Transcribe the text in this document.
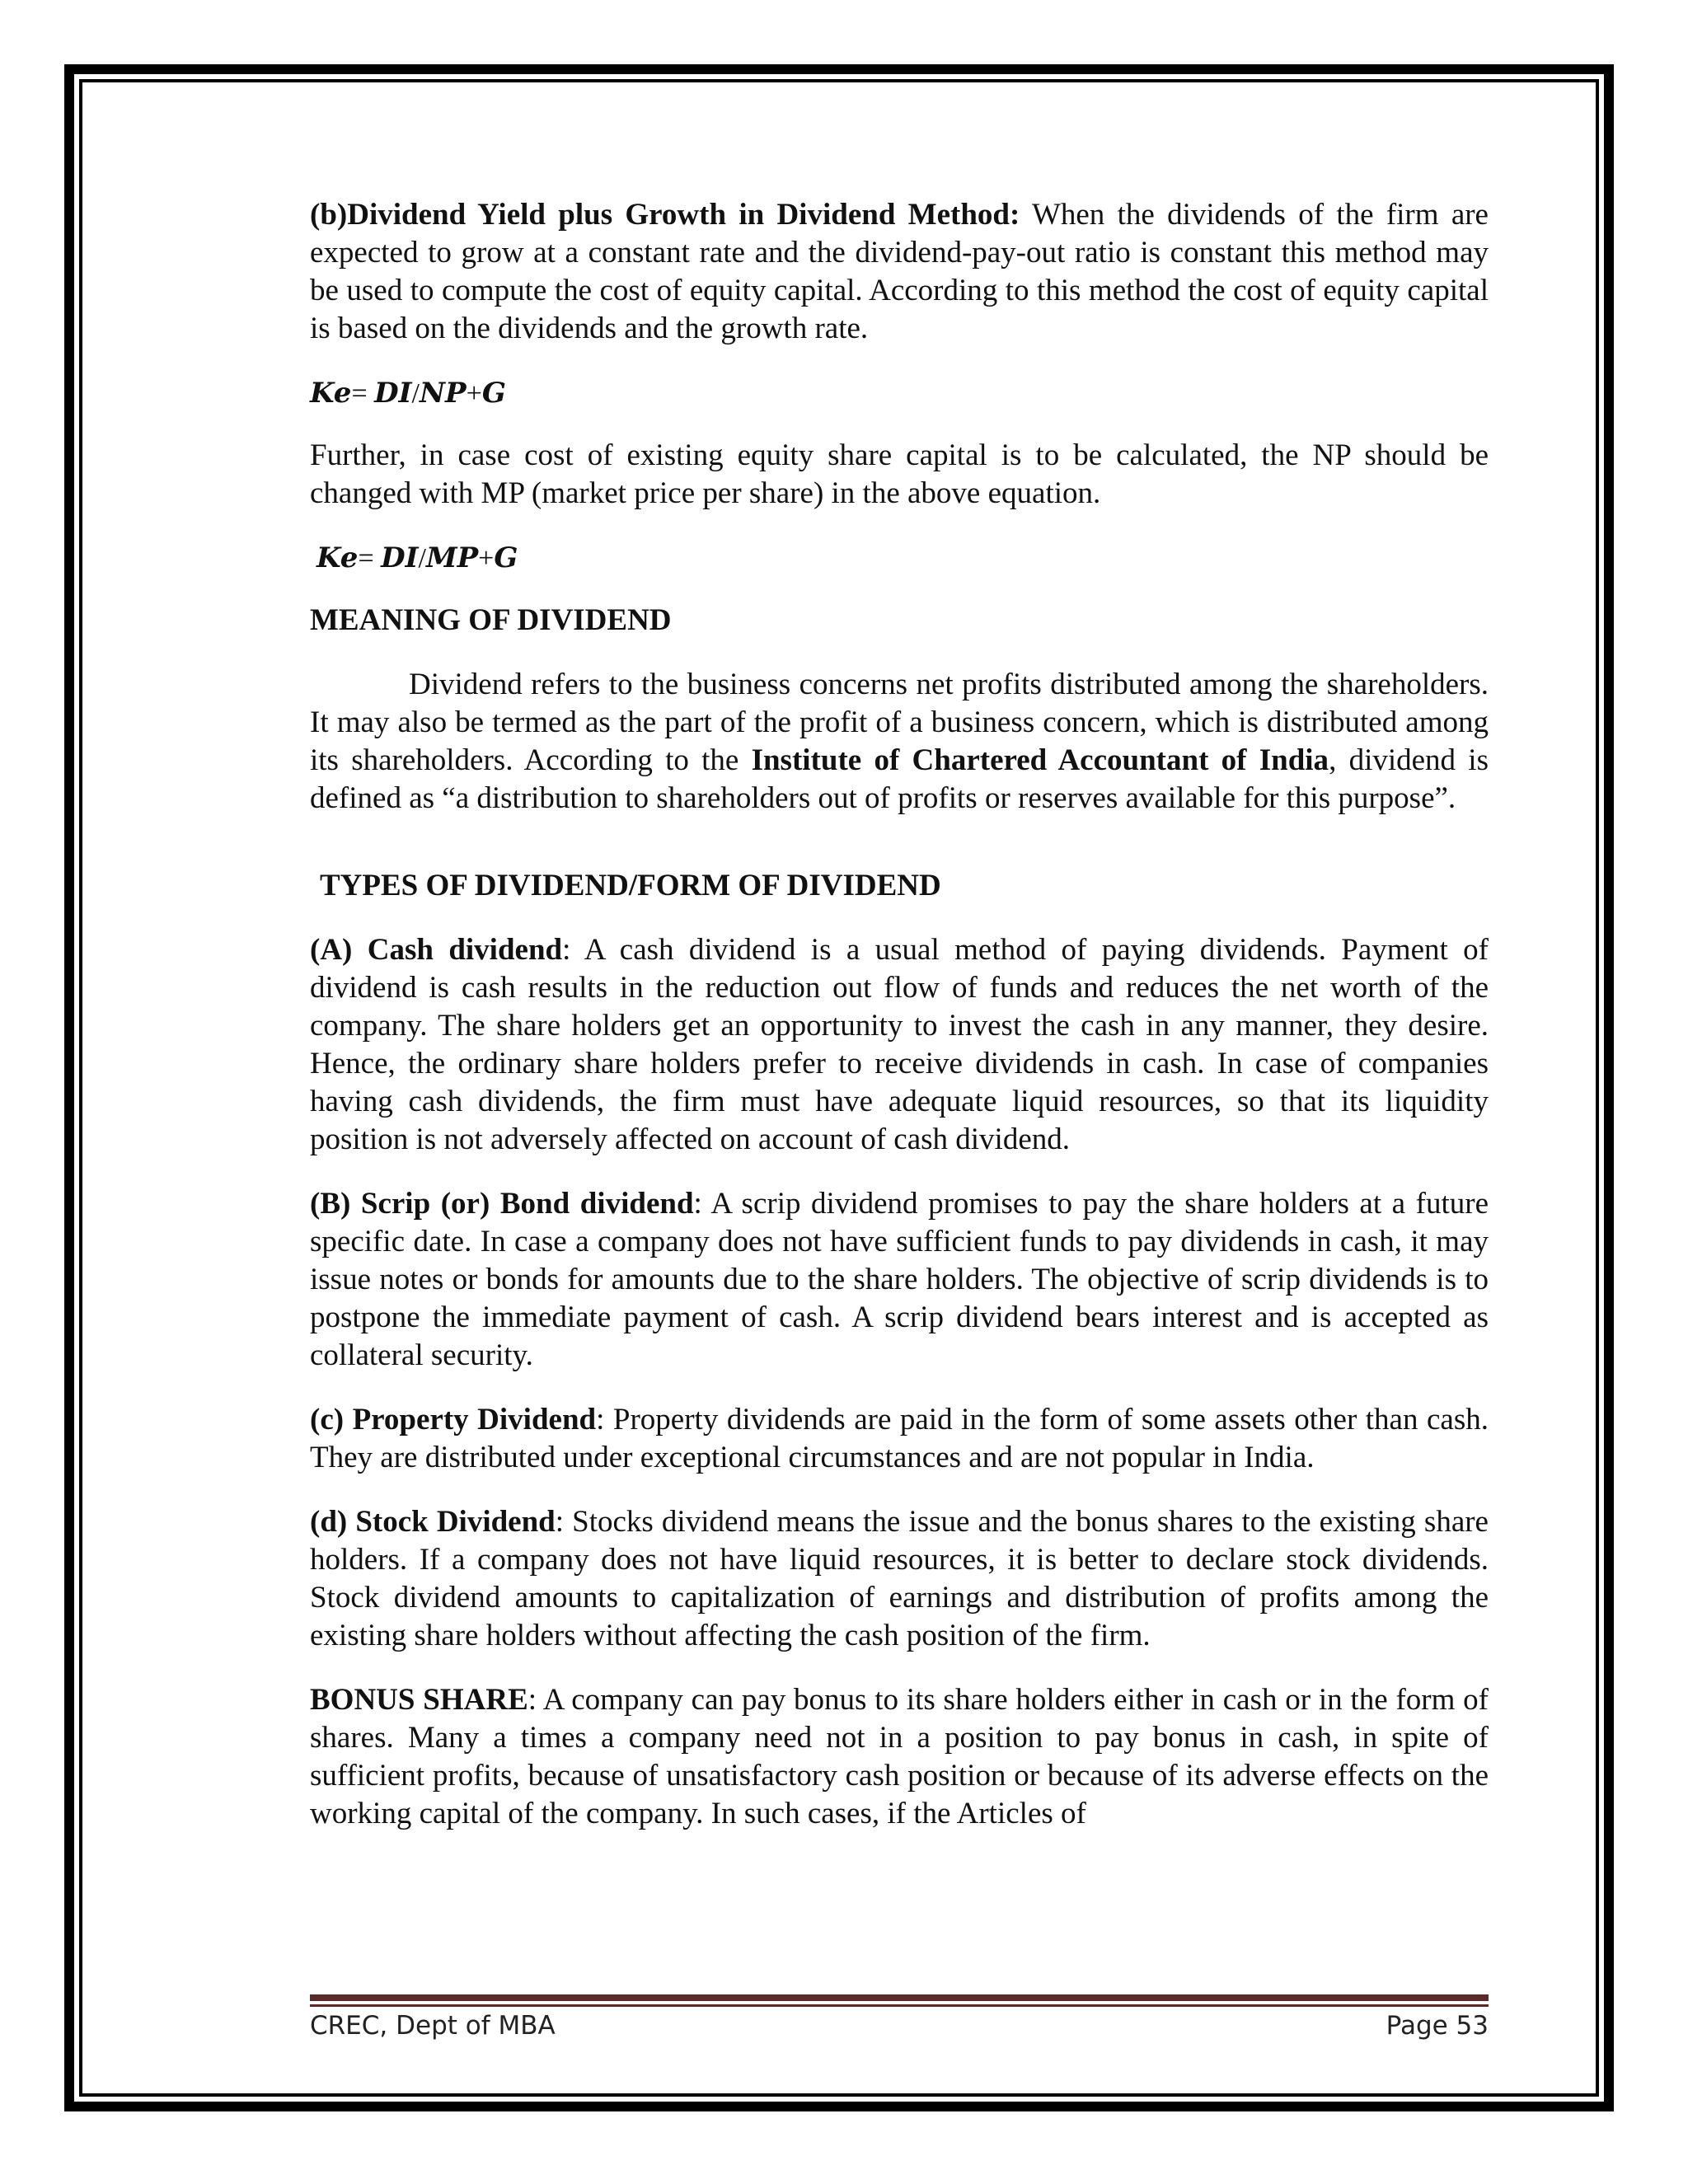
(b)Dividend Yield plus Growth in Dividend Method: When the dividends of the firm are expected to grow at a constant rate and the dividend-pay-out ratio is constant this method may be used to compute the cost of equity capital. According to this method the cost of equity capital is based on the dividends and the growth rate.

Ke= DI/NP+G

Further, in case cost of existing equity share capital is to be calculated, the NP should be changed with MP (market price per share) in the above equation.

Ke= DI/MP+G
MEANING OF DIVIDEND

Dividend refers to the business concerns net profits distributed among the shareholders. It may also be termed as the part of the profit of a business concern, which is distributed among its shareholders. According to the Institute of Chartered Accountant of India, dividend is defined as “a distribution to shareholders out of profits or reserves available for this purpose”.

TYPES OF DIVIDEND/FORM OF DIVIDEND

(A) Cash dividend: A cash dividend is a usual method of paying dividends. Payment of dividend is cash results in the reduction out flow of funds and reduces the net worth of the company. The share holders get an opportunity to invest the cash in any manner, they desire. Hence, the ordinary share holders prefer to receive dividends in cash. In case of companies having cash dividends, the firm must have adequate liquid resources, so that its liquidity position is not adversely affected on account of cash dividend.

(B) Scrip (or) Bond dividend: A scrip dividend promises to pay the share holders at a future specific date. In case a company does not have sufficient funds to pay dividends in cash, it may issue notes or bonds for amounts due to the share holders. The objective of scrip dividends is to postpone the immediate payment of cash. A scrip dividend bears interest and is accepted as collateral security.

(c) Property Dividend: Property dividends are paid in the form of some assets other than cash. They are distributed under exceptional circumstances and are not popular in India.

(d) Stock Dividend: Stocks dividend means the issue and the bonus shares to the existing share holders. If a company does not have liquid resources, it is better to declare stock dividends. Stock dividend amounts to capitalization of earnings and distribution of profits among the existing share holders without affecting the cash position of the firm.

BONUS SHARE: A company can pay bonus to its share holders either in cash or in the form of shares. Many a times a company need not in a position to pay bonus in cash, in spite of sufficient profits, because of unsatisfactory cash position or because of its adverse effects on the working capital of the company. In such cases, if the Articles of

CREC, Dept of MBA	Page 53
